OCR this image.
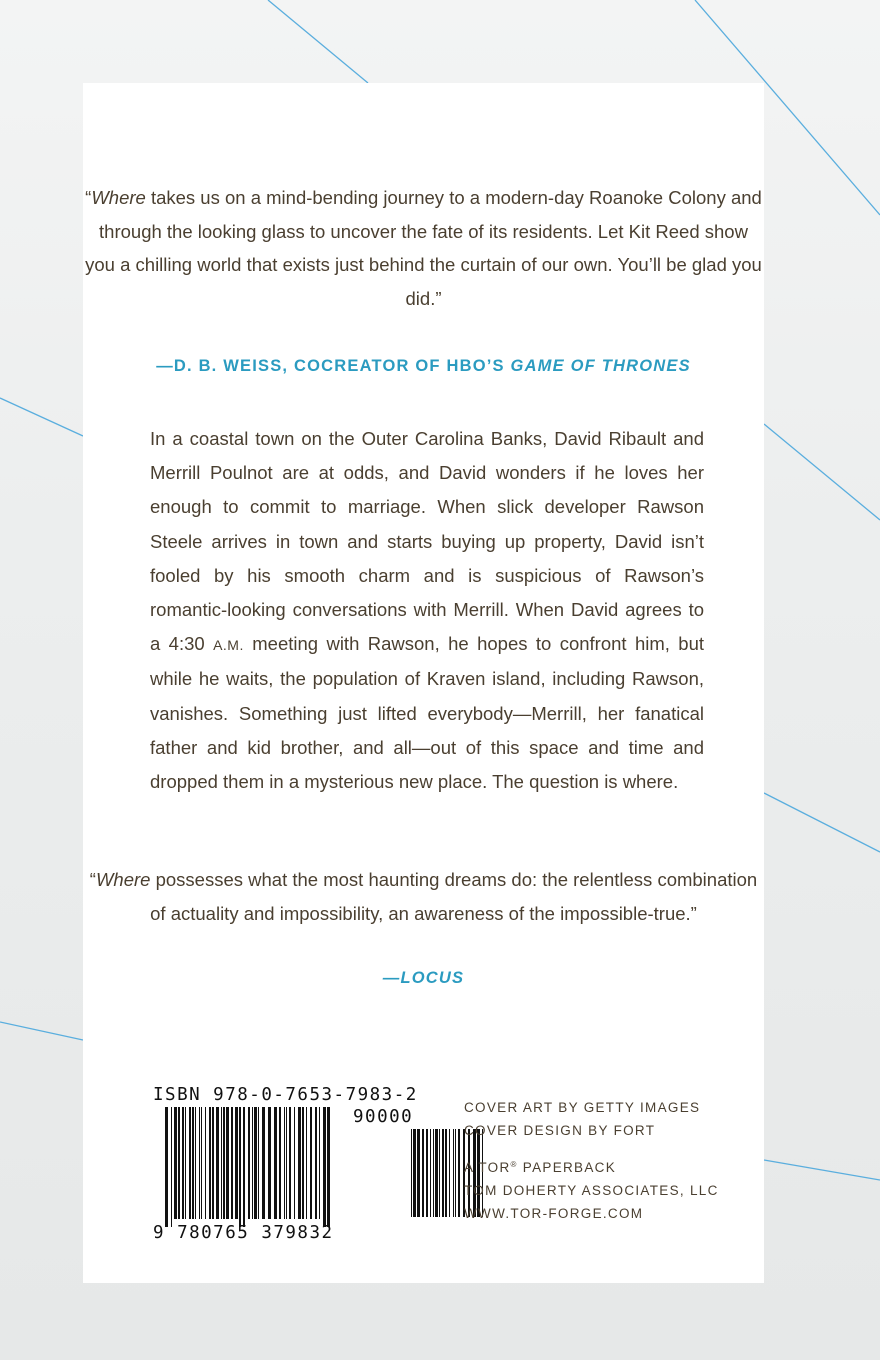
“Where takes us on a mind-bending journey to a modern-day Roanoke Colony and through the looking glass to uncover the fate of its residents. Let Kit Reed show you a chilling world that exists just behind the curtain of our own. You’ll be glad you did.”

—D. B. WEISS, COCREATOR OF HBO’S GAME OF THRONES

In a coastal town on the Outer Carolina Banks, David Ribault and Merrill Poulnot are at odds, and David wonders if he loves her enough to commit to marriage. When slick developer Rawson Steele arrives in town and starts buying up property, David isn’t fooled by his smooth charm and is suspicious of Rawson’s romantic-looking conversations with Merrill. When David agrees to a 4:30 A.M. meeting with Rawson, he hopes to confront him, but while he waits, the population of Kraven island, including Rawson, vanishes. Something just lifted everybody—Merrill, her fanatical father and kid brother, and all—out of this space and time and dropped them in a mysterious new place. The question is where.

“Where possesses what the most haunting dreams do: the relentless combination of actuality and impossibility, an awareness of the impossible-true.”

—LOCUS
ISBN 978-0-7653-7983-2
90000
9 780765 379832
COVER ART BY GETTY IMAGES
COVER DESIGN BY FORT
A TOR® PAPERBACK
TOM DOHERTY ASSOCIATES, LLC
WWW.TOR-FORGE.COM
